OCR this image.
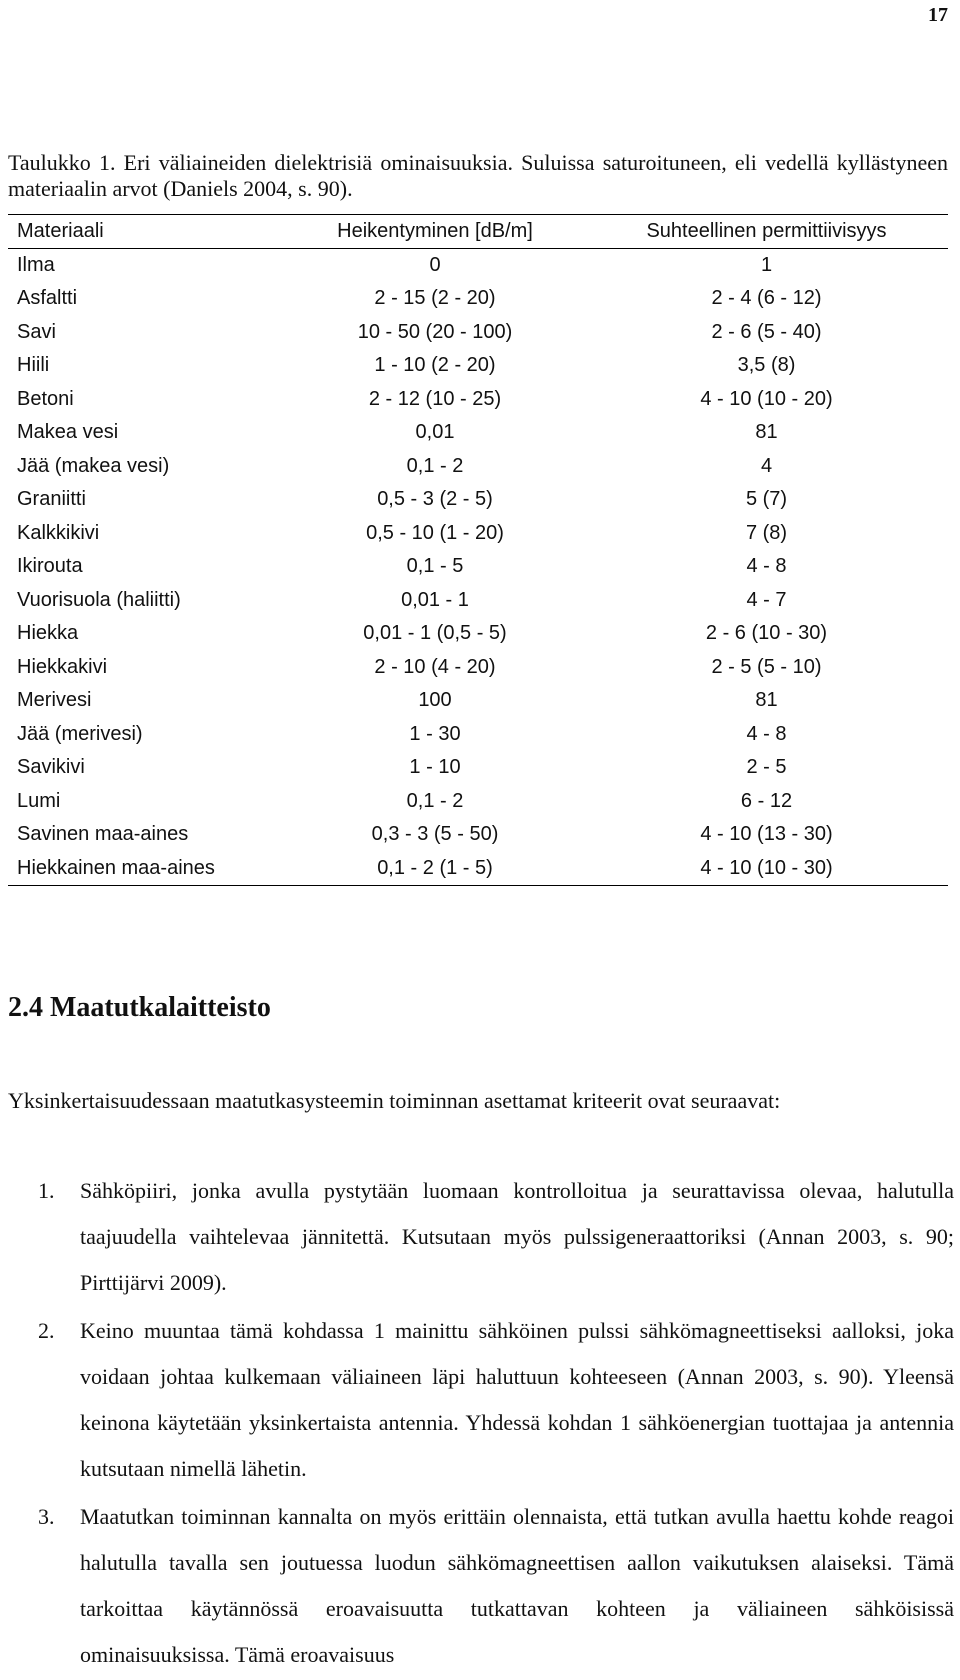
17
Taulukko 1. Eri väliaineiden dielektrisiä ominaisuuksia. Suluissa saturoituneen, eli vedellä kyllästyneen materiaalin arvot (Daniels 2004, s. 90).
Materiaali	Heikentyminen [dB/m]	Suhteellinen permittiivisyys
Ilma	0	1
Asfaltti	2 - 15 (2 - 20)	2 - 4 (6 - 12)
Savi	10 - 50 (20 - 100)	2 - 6 (5 - 40)
Hiili	1 - 10 (2 - 20)	3,5 (8)
Betoni	2 - 12 (10 - 25)	4 - 10 (10 - 20)
Makea vesi	0,01	81
Jää (makea vesi)	0,1 - 2	4
Graniitti	0,5 - 3 (2 - 5)	5 (7)
Kalkkikivi	0,5 - 10 (1 - 20)	7 (8)
Ikirouta	0,1 - 5	4 - 8
Vuorisuola (haliitti)	0,01 - 1	4 - 7
Hiekka	0,01 - 1 (0,5 - 5)	2 - 6 (10 - 30)
Hiekkakivi	2 - 10 (4 - 20)	2 - 5 (5 - 10)
Merivesi	100	81
Jää (merivesi)	1 - 30	4 - 8
Savikivi	1 - 10	2 - 5
Lumi	0,1 - 2	6 - 12
Savinen maa-aines	0,3 - 3 (5 - 50)	4 - 10 (13 - 30)
Hiekkainen maa-aines	0,1 - 2 (1 - 5)	4 - 10 (10 - 30)
2.4 Maatutkalaitteisto
Yksinkertaisuudessaan maatutkasysteemin toiminnan asettamat kriteerit ovat seuraavat:
1. Sähköpiiri, jonka avulla pystytään luomaan kontrolloitua ja seurattavissa olevaa, halutulla taajuudella vaihtelevaa jännitettä. Kutsutaan myös pulssigeneraattoriksi (Annan 2003, s. 90; Pirttijärvi 2009).
2. Keino muuntaa tämä kohdassa 1 mainittu sähköinen pulssi sähkömagneettiseksi aalloksi, joka voidaan johtaa kulkemaan väliaineen läpi haluttuun kohteeseen (Annan 2003, s. 90). Yleensä keinona käytetään yksinkertaista antennia. Yhdessä kohdan 1 sähköenergian tuottajaa ja antennia kutsutaan nimellä lähetin.
3. Maatutkan toiminnan kannalta on myös erittäin olennaista, että tutkan avulla haettu kohde reagoi halutulla tavalla sen joutuessa luodun sähkömagneettisen aallon vaikutuksen alaiseksi. Tämä tarkoittaa käytännössä eroavaisuutta tutkattavan kohteen ja väliaineen sähköisissä ominaisuuksissa. Tämä eroavaisuus
